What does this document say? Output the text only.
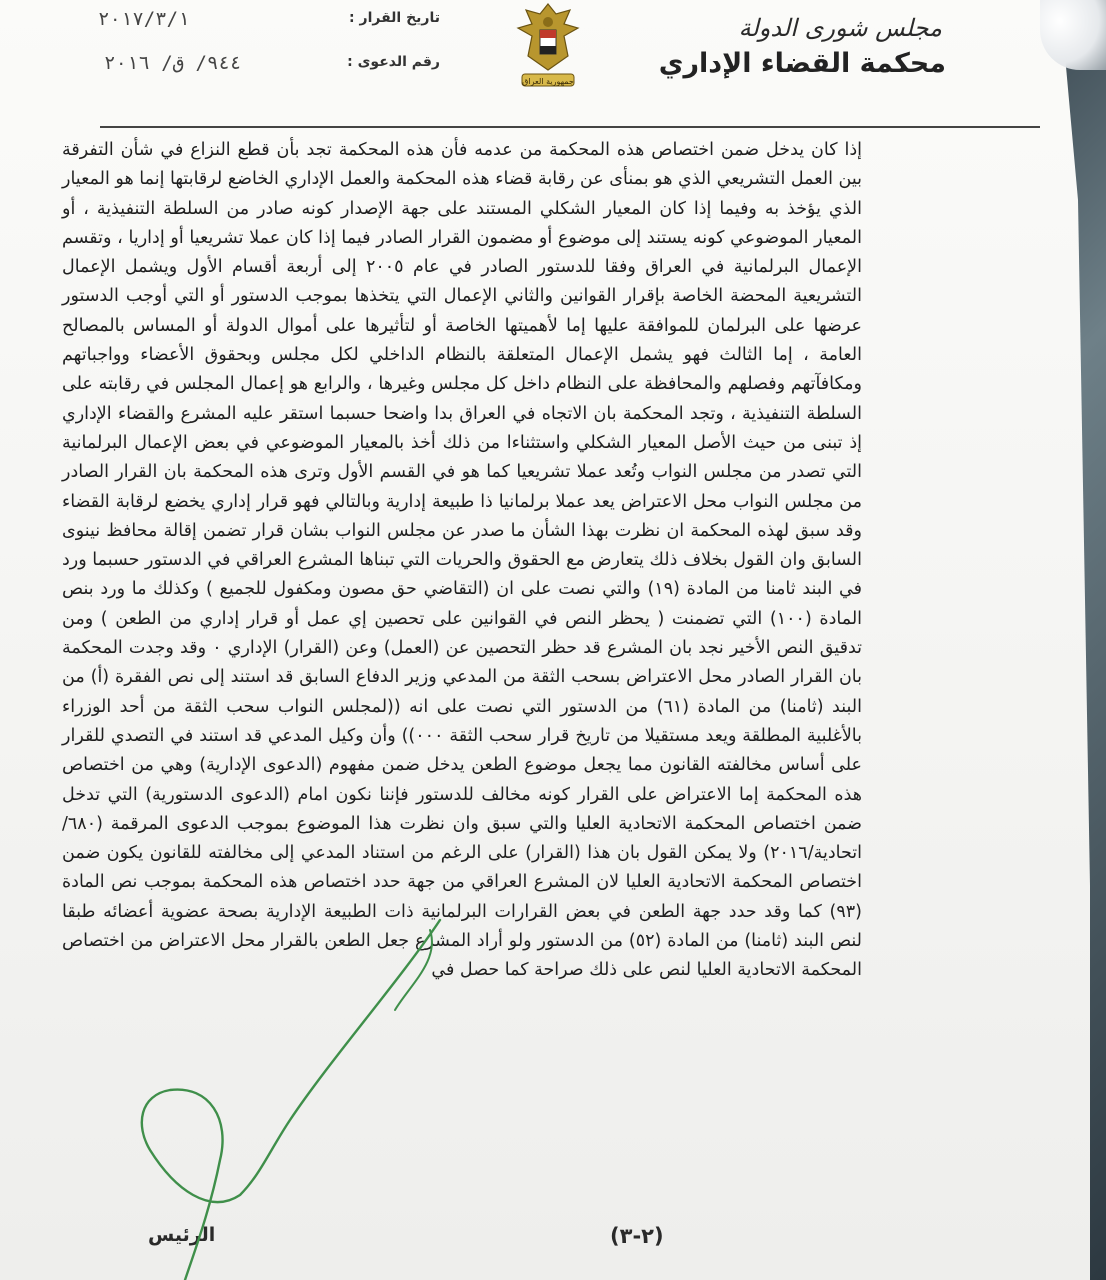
تاريخ القرار :
٢٠١٧/٣/١
رقم الدعوى :
٩٤٤/ ق/ ٢٠١٦
جمهورية العراق
مجلس شورى الدولة
محكمة القضاء الإداري

إذا كان يدخل ضمن اختصاص هذه المحكمة من عدمه فأن هذه المحكمة تجد بأن قطع النزاع في شأن التفرقة بين العمل التشريعي الذي هو بمنأى عن رقابة قضاء هذه المحكمة والعمل الإداري الخاضع لرقابتها إنما هو المعيار الذي يؤخذ به وفيما إذا كان المعيار الشكلي المستند على جهة الإصدار كونه صادر من السلطة التنفيذية ، أو المعيار الموضوعي كونه يستند إلى موضوع أو مضمون القرار الصادر فيما إذا كان عملا تشريعيا أو إداريا ، وتقسم الإعمال البرلمانية في العراق وفقا للدستور الصادر في عام ٢٠٠٥ إلى أربعة أقسام الأول ويشمل الإعمال التشريعية المحضة الخاصة بإقرار القوانين والثاني الإعمال التي يتخذها بموجب الدستور أو التي أوجب الدستور عرضها على البرلمان للموافقة عليها إما لأهميتها الخاصة أو لتأثيرها على أموال الدولة أو المساس بالمصالح العامة ، إما الثالث فهو يشمل الإعمال المتعلقة بالنظام الداخلي لكل مجلس وبحقوق الأعضاء وواجباتهم ومكافآتهم وفصلهم والمحافظة على النظام داخل كل مجلس وغيرها ، والرابع هو إعمال المجلس في رقابته على السلطة التنفيذية ، وتجد المحكمة بان الاتجاه في العراق بدا واضحا حسبما استقر عليه المشرع والقضاء الإداري إذ تبنى من حيث الأصل المعيار الشكلي واستثناءا من ذلك أخذ بالمعيار الموضوعي في بعض الإعمال البرلمانية التي تصدر من مجلس النواب وتُعد عملا تشريعيا كما هو في القسم الأول وترى هذه المحكمة بان القرار الصادر من مجلس النواب محل الاعتراض يعد عملا برلمانيا ذا طبيعة إدارية وبالتالي فهو قرار إداري يخضع لرقابة القضاء وقد سبق لهذه المحكمة ان نظرت بهذا الشأن ما صدر عن مجلس النواب بشان قرار تضمن إقالة محافظ نينوى السابق وان القول بخلاف ذلك يتعارض مع الحقوق والحريات التي تبناها المشرع العراقي في الدستور حسبما ورد في البند ثامنا من المادة (١٩) والتي نصت على ان (التقاضي حق مصون ومكفول للجميع ) وكذلك ما ورد بنص المادة (١٠٠) التي تضمنت ( يحظر النص في القوانين على تحصين إي عمل أو قرار إداري من الطعن ) ومن تدقيق النص الأخير نجد بان المشرع قد حظر التحصين عن (العمل) وعن (القرار) الإداري ٠ وقد وجدت المحكمة بان القرار الصادر محل الاعتراض بسحب الثقة من المدعي وزير الدفاع السابق قد استند إلى نص الفقرة (أ) من البند (ثامنا) من المادة (٦١) من الدستور التي نصت على انه ((لمجلس النواب سحب الثقة من أحد الوزراء بالأغلبية المطلقة ويعد مستقيلا من تاريخ قرار سحب الثقة ٠٠٠)) وأن وكيل المدعي قد استند في التصدي للقرار على أساس مخالفته القانون مما يجعل موضوع الطعن يدخل ضمن مفهوم (الدعوى الإدارية) وهي من اختصاص هذه المحكمة إما الاعتراض على القرار كونه مخالف للدستور فإننا نكون امام (الدعوى الدستورية) التي تدخل ضمن اختصاص المحكمة الاتحادية العليا والتي سبق وان نظرت هذا الموضوع بموجب الدعوى المرقمة (٦٨٠/اتحادية/٢٠١٦) ولا يمكن القول بان هذا (القرار) على الرغم من استناد المدعي إلى مخالفته للقانون يكون ضمن اختصاص المحكمة الاتحادية العليا لان المشرع العراقي من جهة حدد اختصاص هذه المحكمة بموجب نص المادة (٩٣) كما وقد حدد جهة الطعن في بعض القرارات البرلمانية ذات الطبيعة الإدارية بصحة عضوية أعضائه طبقا لنص البند (ثامنا) من المادة (٥٢) من الدستور ولو أراد المشرع جعل الطعن بالقرار محل الاعتراض من اختصاص المحكمة الاتحادية العليا لنص على ذلك صراحة كما حصل في

(٢-٣)
الرئيس
